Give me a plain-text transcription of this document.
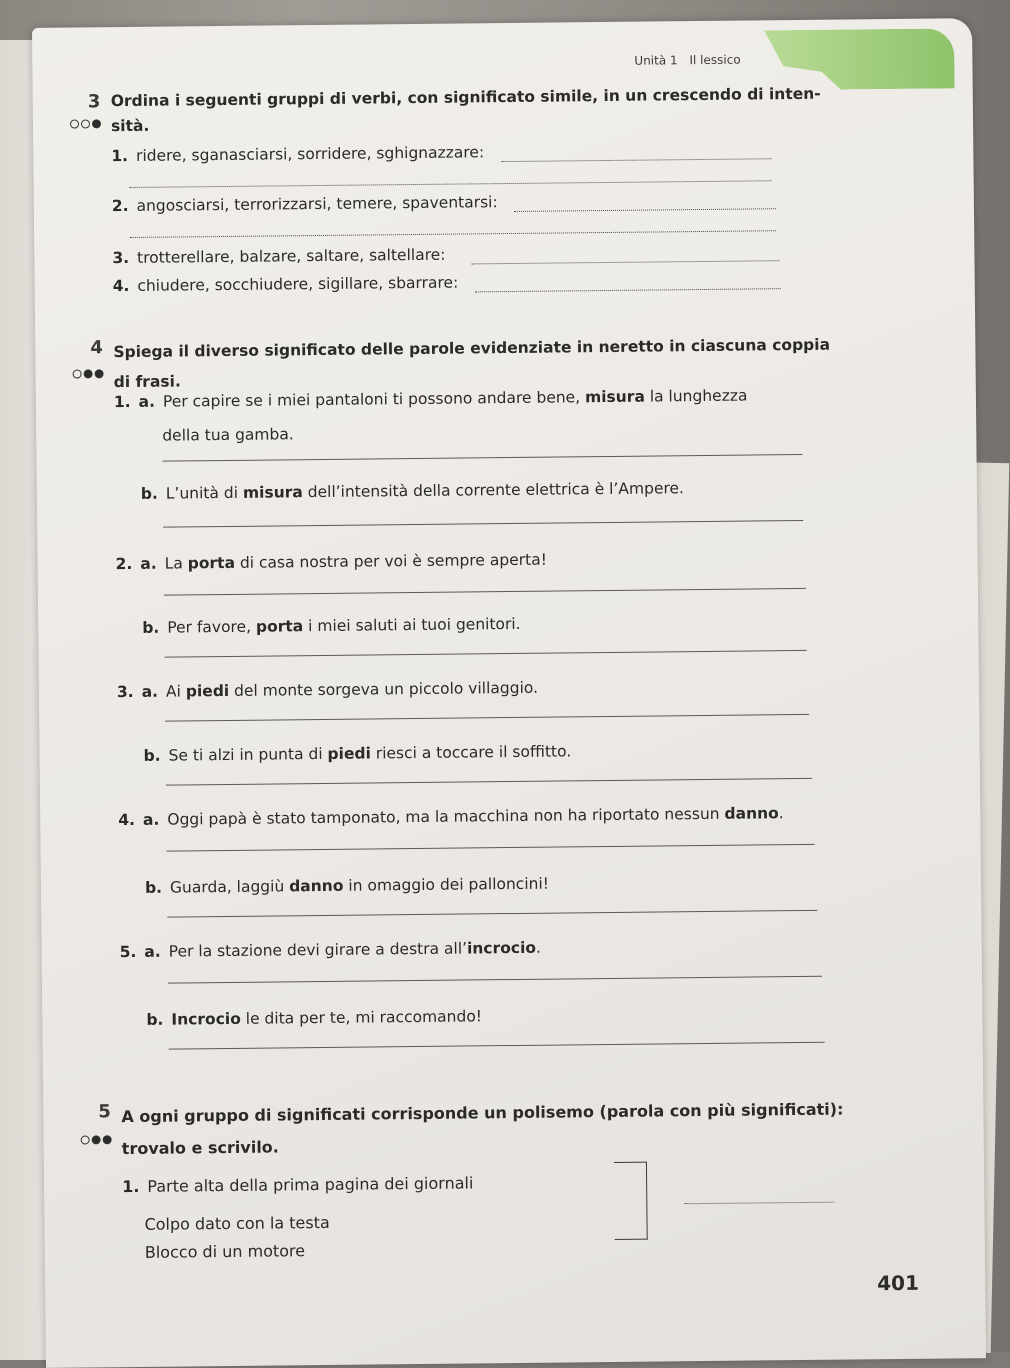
Unità 1 Il lessico
3 Ordina i seguenti gruppi di verbi, con significato simile, in un crescendo di inten-
sità.
1. ridere, sganasciarsi, sorridere, sghignazzare:
2. angosciarsi, terrorizzarsi, temere, spaventarsi:
3. trotterellare, balzare, saltare, saltellare:
4. chiudere, socchiudere, sigillare, sbarrare:
4 Spiega il diverso significato delle parole evidenziate in neretto in ciascuna coppia
di frasi.
1. a. Per capire se i miei pantaloni ti possono andare bene, misura la lunghezza
della tua gamba.
b. L’unità di misura dell’intensità della corrente elettrica è l’Ampere.
2. a. La porta di casa nostra per voi è sempre aperta!
b. Per favore, porta i miei saluti ai tuoi genitori.
3. a. Ai piedi del monte sorgeva un piccolo villaggio.
b. Se ti alzi in punta di piedi riesci a toccare il soffitto.
4. a. Oggi papà è stato tamponato, ma la macchina non ha riportato nessun danno.
b. Guarda, laggiù danno in omaggio dei palloncini!
5. a. Per la stazione devi girare a destra all’incrocio.
b. Incrocio le dita per te, mi raccomando!
5 A ogni gruppo di significati corrisponde un polisemo (parola con più significati):
trovalo e scrivilo.
1. Parte alta della prima pagina dei giornali
Colpo dato con la testa
Blocco di un motore
401
